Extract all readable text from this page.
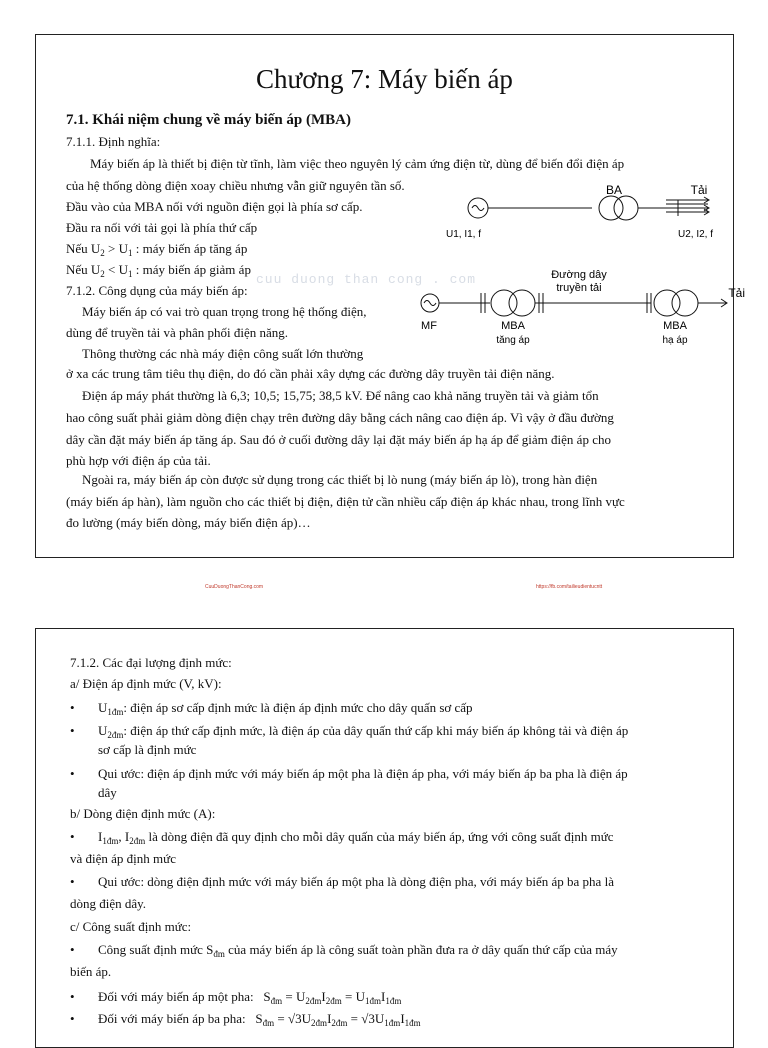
Chương 7: Máy biến áp
7.1. Khái niệm chung về máy biến áp (MBA)
7.1.1. Định nghĩa:
Máy biến áp là thiết bị điện từ tĩnh, làm việc theo nguyên lý cảm ứng điện từ, dùng để biến đổi điện áp
của hệ thống dòng điện xoay chiều nhưng vẫn giữ nguyên tần số.
Đầu vào của MBA nối với nguồn điện gọi là phía sơ cấp.
Đầu ra nối với tải gọi là phía thứ cấp
Nếu $U_2 > U_1$ : máy biến áp tăng áp
Nếu $U_2 < U_1$ : máy biến áp giảm áp
7.1.2. Công dụng của máy biến áp:
Máy biến áp có vai trò quan trọng trong hệ thống điện,
dùng để truyền tải và phân phối điện năng.
Thông thường các nhà máy điện công suất lớn thường
ở xa các trung tâm tiêu thụ điện, do đó cần phải xây dựng các đường dây truyền tải điện năng.
Điện áp máy phát thường là 6,3; 10,5; 15,75; 38,5 kV. Để nâng cao khả năng truyền tải và giảm tổn
hao công suất phải giảm dòng điện chạy trên đường dây bằng cách nâng cao điện áp. Vì vậy ở đầu đường
dây cần đặt máy biến áp tăng áp. Sau đó ở cuối đường dây lại đặt máy biến áp hạ áp để giảm điện áp cho
phù hợp với điện áp của tải.
Ngoài ra, máy biến áp còn được sử dụng trong các thiết bị lò nung (máy biến áp lò), trong hàn điện
(máy biến áp hàn), làm nguồn cho các thiết bị điện, điện tử cần nhiều cấp điện áp khác nhau, trong lĩnh vực
đo lường (máy biến dòng, máy biến điện áp)…
cuu duong than cong . com
BA	Tải
U1, I1, f	U2, I2, f
Đường dây
truyền tải	Tải
MF	MBA
tăng áp
MBA
hạ áp
CuuDuongThanCong.com	https://fb.com/tailieudientucntt
7.1.2. Các đại lượng định mức:
a/ Điện áp định mức (V, kV):
• $U_{1đm}$: điện áp sơ cấp định mức là điện áp định mức cho dây quấn sơ cấp
• $U_{2đm}$: điện áp thứ cấp định mức, là điện áp của dây quấn thứ cấp khi máy biến áp không tải và điện áp
sơ cấp là định mức
• Qui ước: điện áp định mức với máy biến áp một pha là điện áp pha, với máy biến áp ba pha là điện áp
dây
b/ Dòng điện định mức (A):
• $I_{1đm}$, $I_{2đm}$ là dòng điện đã quy định cho mỗi dây quấn của máy biến áp, ứng với công suất định mức
và điện áp định mức
• Qui ước: dòng điện định mức với máy biến áp một pha là dòng điện pha, với máy biến áp ba pha là
dòng điện dây.
c/ Công suất định mức:
• Công suất định mức $S_{đm}$ của máy biến áp là công suất toàn phần đưa ra ở dây quấn thứ cấp của máy
biến áp.
• Đối với máy biến áp một pha: $S_{đm} = U_{2đm}I_{2đm} = U_{1đm}I_{1đm}$
• Đối với máy biến áp ba pha: $S_{đm} = √3U_{2đm}I_{2đm} = √3U_{1đm}I_{1đm}$
